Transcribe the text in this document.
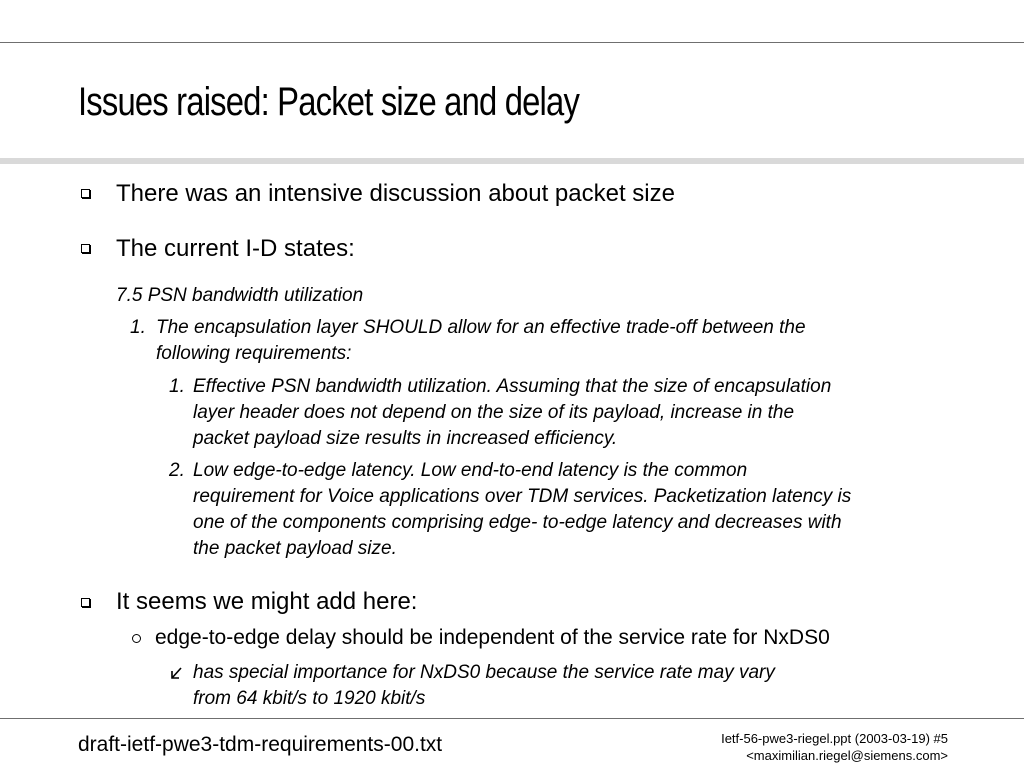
Issues raised: Packet size and delay
There was an intensive discussion about packet size
The current I-D states:
7.5 PSN bandwidth utilization
1. The encapsulation layer SHOULD allow for an effective trade-off between the
following requirements:
1. Effective PSN bandwidth utilization. Assuming that the size of encapsulation
layer header does not depend on the size of its payload, increase in the
packet payload size results in increased efficiency.
2. Low edge-to-edge latency. Low end-to-end latency is the common
requirement for Voice applications over TDM services. Packetization latency is
one of the components comprising edge- to-edge latency and decreases with
the packet payload size.
It seems we might add here:
edge-to-edge delay should be independent of the service rate for NxDS0
has special importance for NxDS0 because the service rate may vary
from 64 kbit/s to 1920 kbit/s
draft-ietf-pwe3-tdm-requirements-00.txt	Ietf-56-pwe3-riegel.ppt (2003-03-19) #5
<maximilian.riegel@siemens.com>
